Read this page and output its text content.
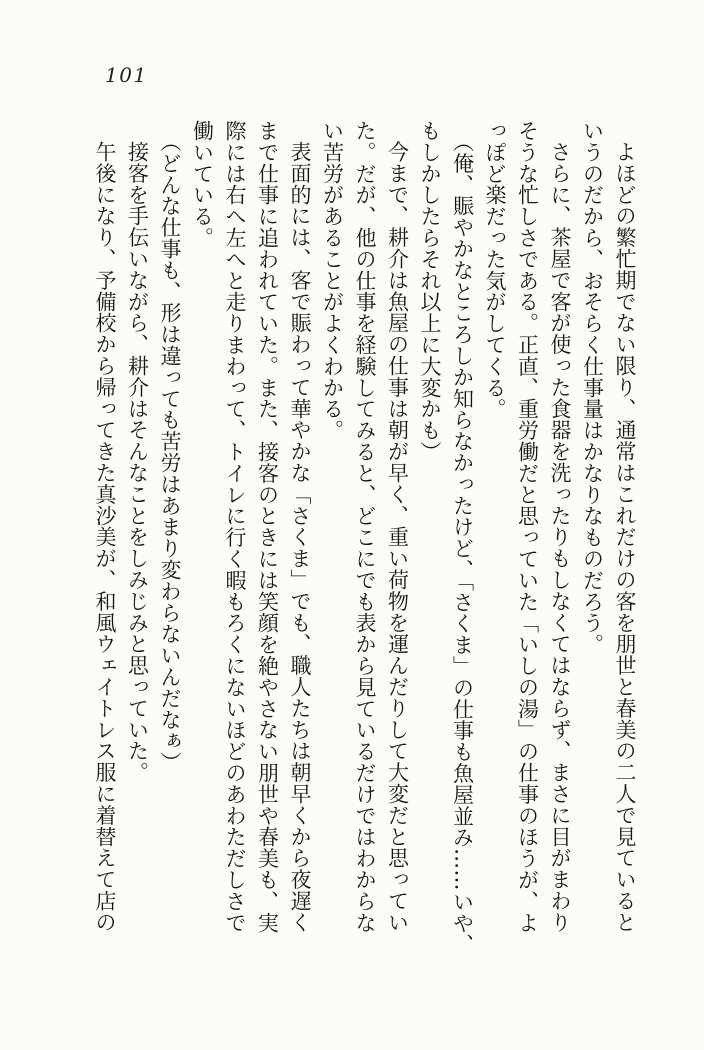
101

よほどの繁忙期でない限り、通常はこれだけの客を朋世と春美の二人で見ていると
いうのだから、おそらく仕事量はかなりなものだろう。

さらに、茶屋で客が使った食器を洗ったりもしなくてはならず、まさに目がまわり
そうな忙しさである。正直、重労働だと思っていた「いしの湯」の仕事のほうが、よ
っぽど楽だった気がしてくる。

（俺、賑やかなところしか知らなかったけど、「さくま」の仕事も魚屋並み……いや、
もしかしたらそれ以上に大変かも）

今まで、耕介は魚屋の仕事は朝が早く、重い荷物を運んだりして大変だと思ってい
た。だが、他の仕事を経験してみると、どこにでも表から見ているだけではわからな
い苦労があることがよくわかる。

表面的には、客で賑わって華やかな「さくま」でも、職人たちは朝早くから夜遅く
まで仕事に追われていた。また、接客のときには笑顔を絶やさない朋世や春美も、実
際には右へ左へと走りまわって、トイレに行く暇もろくにないほどのあわただしさで
働いている。

（どんな仕事も、形は違っても苦労はあまり変わらないんだなぁ）

接客を手伝いながら、耕介はそんなことをしみじみと思っていた。

午後になり、予備校から帰ってきた真沙美が、和風ウェイトレス服に着替えて店の
